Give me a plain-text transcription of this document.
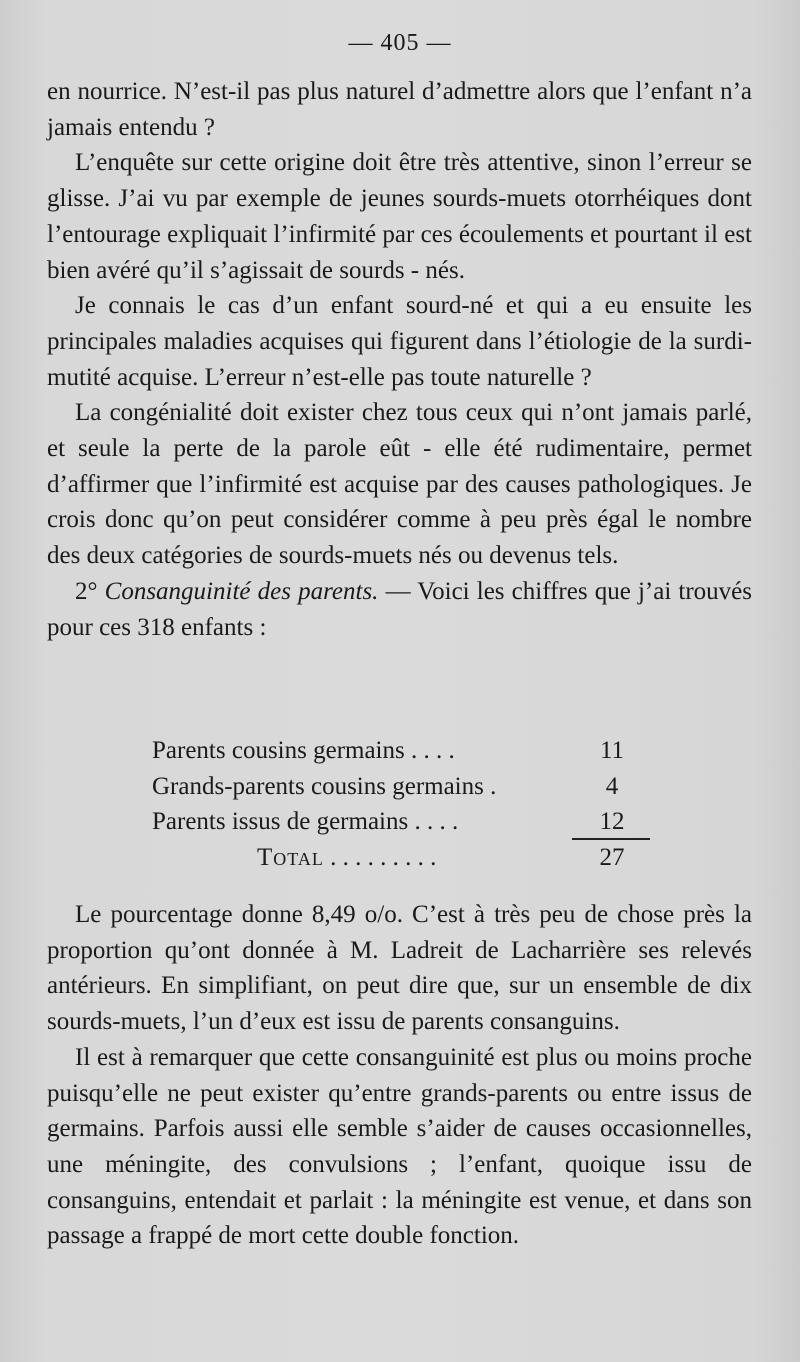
— 405 —

en nourrice. N’est-il pas plus naturel d’admettre alors que l’enfant n’a jamais entendu ?

L’enquête sur cette origine doit être très attentive, sinon l’erreur se glisse. J’ai vu par exemple de jeunes sourds-muets otorrhéiques dont l’entourage expliquait l’infirmité par ces écoulements et pourtant il est bien avéré qu’il s’agissait de sourds - nés.

Je connais le cas d’un enfant sourd-né et qui a eu ensuite les principales maladies acquises qui figurent dans l’étiologie de la surdi-mutité acquise. L’erreur n’est-elle pas toute naturelle ?

La congénialité doit exister chez tous ceux qui n’ont jamais parlé, et seule la perte de la parole eût - elle été rudimentaire, permet d’affirmer que l’infirmité est acquise par des causes pathologiques. Je crois donc qu’on peut considérer comme à peu près égal le nombre des deux catégories de sourds-muets nés ou devenus tels.

2° Consanguinité des parents. — Voici les chiffres que j’ai trouvés pour ces 318 enfants :

Parents cousins germains . . . .	11
Grands-parents cousins germains .	4
Parents issus de germains . . . .	12
Total . . . . . . . . .	27

Le pourcentage donne 8,49 o/o. C’est à très peu de chose près la proportion qu’ont donnée à M. Ladreit de Lacharrière ses relevés antérieurs. En simplifiant, on peut dire que, sur un ensemble de dix sourds-muets, l’un d’eux est issu de parents consanguins.

Il est à remarquer que cette consanguinité est plus ou moins proche puisqu’elle ne peut exister qu’entre grands-parents ou entre issus de germains. Parfois aussi elle semble s’aider de causes occasionnelles, une méningite, des convulsions ; l’enfant, quoique issu de consanguins, entendait et parlait : la méningite est venue, et dans son passage a frappé de mort cette double fonction.
